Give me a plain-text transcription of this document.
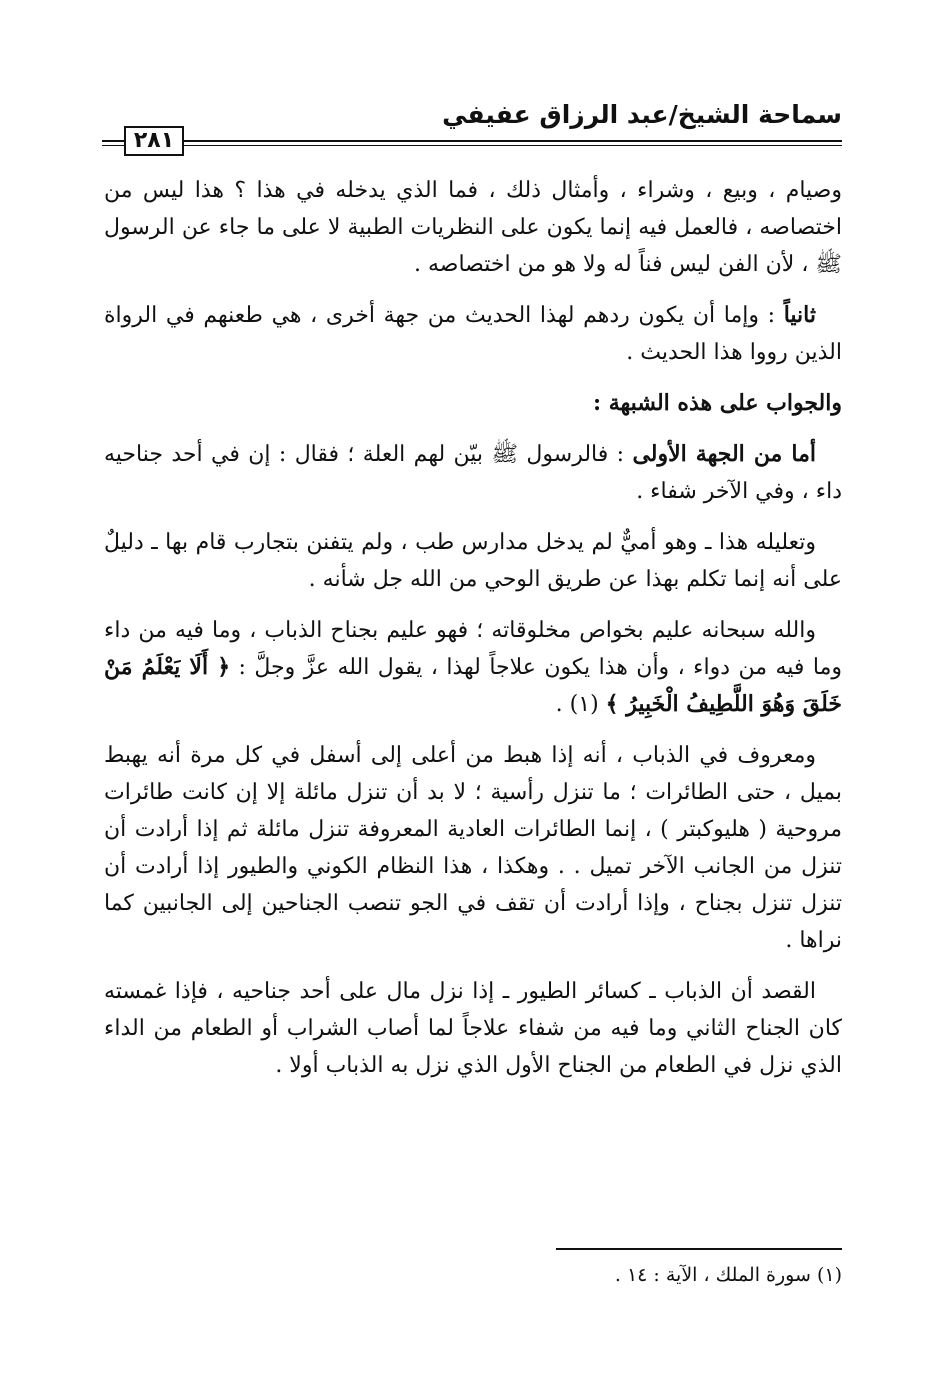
سماحة الشيخ/عبد الرزاق عفيفي
٢٨١

وصيام ، وبيع ، وشراء ، وأمثال ذلك ، فما الذي يدخله في هذا ؟ هذا ليس من اختصاصه ، فالعمل فيه إنما يكون على النظريات الطبية لا على ما جاء عن الرسول ﷺ ، لأن الفن ليس فناً له ولا هو من اختصاصه .

ثانياً : وإما أن يكون ردهم لهذا الحديث من جهة أخرى ، هي طعنهم في الرواة الذين رووا هذا الحديث .

والجواب على هذه الشبهة :

أما من الجهة الأولى : فالرسول ﷺ بيّن لهم العلة ؛ فقال : إن في أحد جناحيه داء ، وفي الآخر شفاء .

وتعليله هذا ـ وهو أميٌّ لم يدخل مدارس طب ، ولم يتفنن بتجارب قام بها ـ دليلٌ على أنه إنما تكلم بهذا عن طريق الوحي من الله جل شأنه .

والله سبحانه عليم بخواص مخلوقاته ؛ فهو عليم بجناح الذباب ، وما فيه من داء وما فيه من دواء ، وأن هذا يكون علاجاً لهذا ، يقول الله عزَّ وجلَّ : ﴿ أَلَا يَعْلَمُ مَنْ خَلَقَ وَهُوَ اللَّطِيفُ الْخَبِيرُ ﴾ (١) .

ومعروف في الذباب ، أنه إذا هبط من أعلى إلى أسفل في كل مرة أنه يهبط بميل ، حتى الطائرات ؛ ما تنزل رأسية ؛ لا بد أن تنزل مائلة إلا إن كانت طائرات مروحية ( هليوكبتر ) ، إنما الطائرات العادية المعروفة تنزل مائلة ثم إذا أرادت أن تنزل من الجانب الآخر تميل . . وهكذا ، هذا النظام الكوني والطيور إذا أرادت أن تنزل تنزل بجناح ، وإذا أرادت أن تقف في الجو تنصب الجناحين إلى الجانبين كما نراها .

القصد أن الذباب ـ كسائر الطيور ـ إذا نزل مال على أحد جناحيه ، فإذا غمسته كان الجناح الثاني وما فيه من شفاء علاجاً لما أصاب الشراب أو الطعام من الداء الذي نزل في الطعام من الجناح الأول الذي نزل به الذباب أولا .

(١) سورة الملك ، الآية : ١٤ .
